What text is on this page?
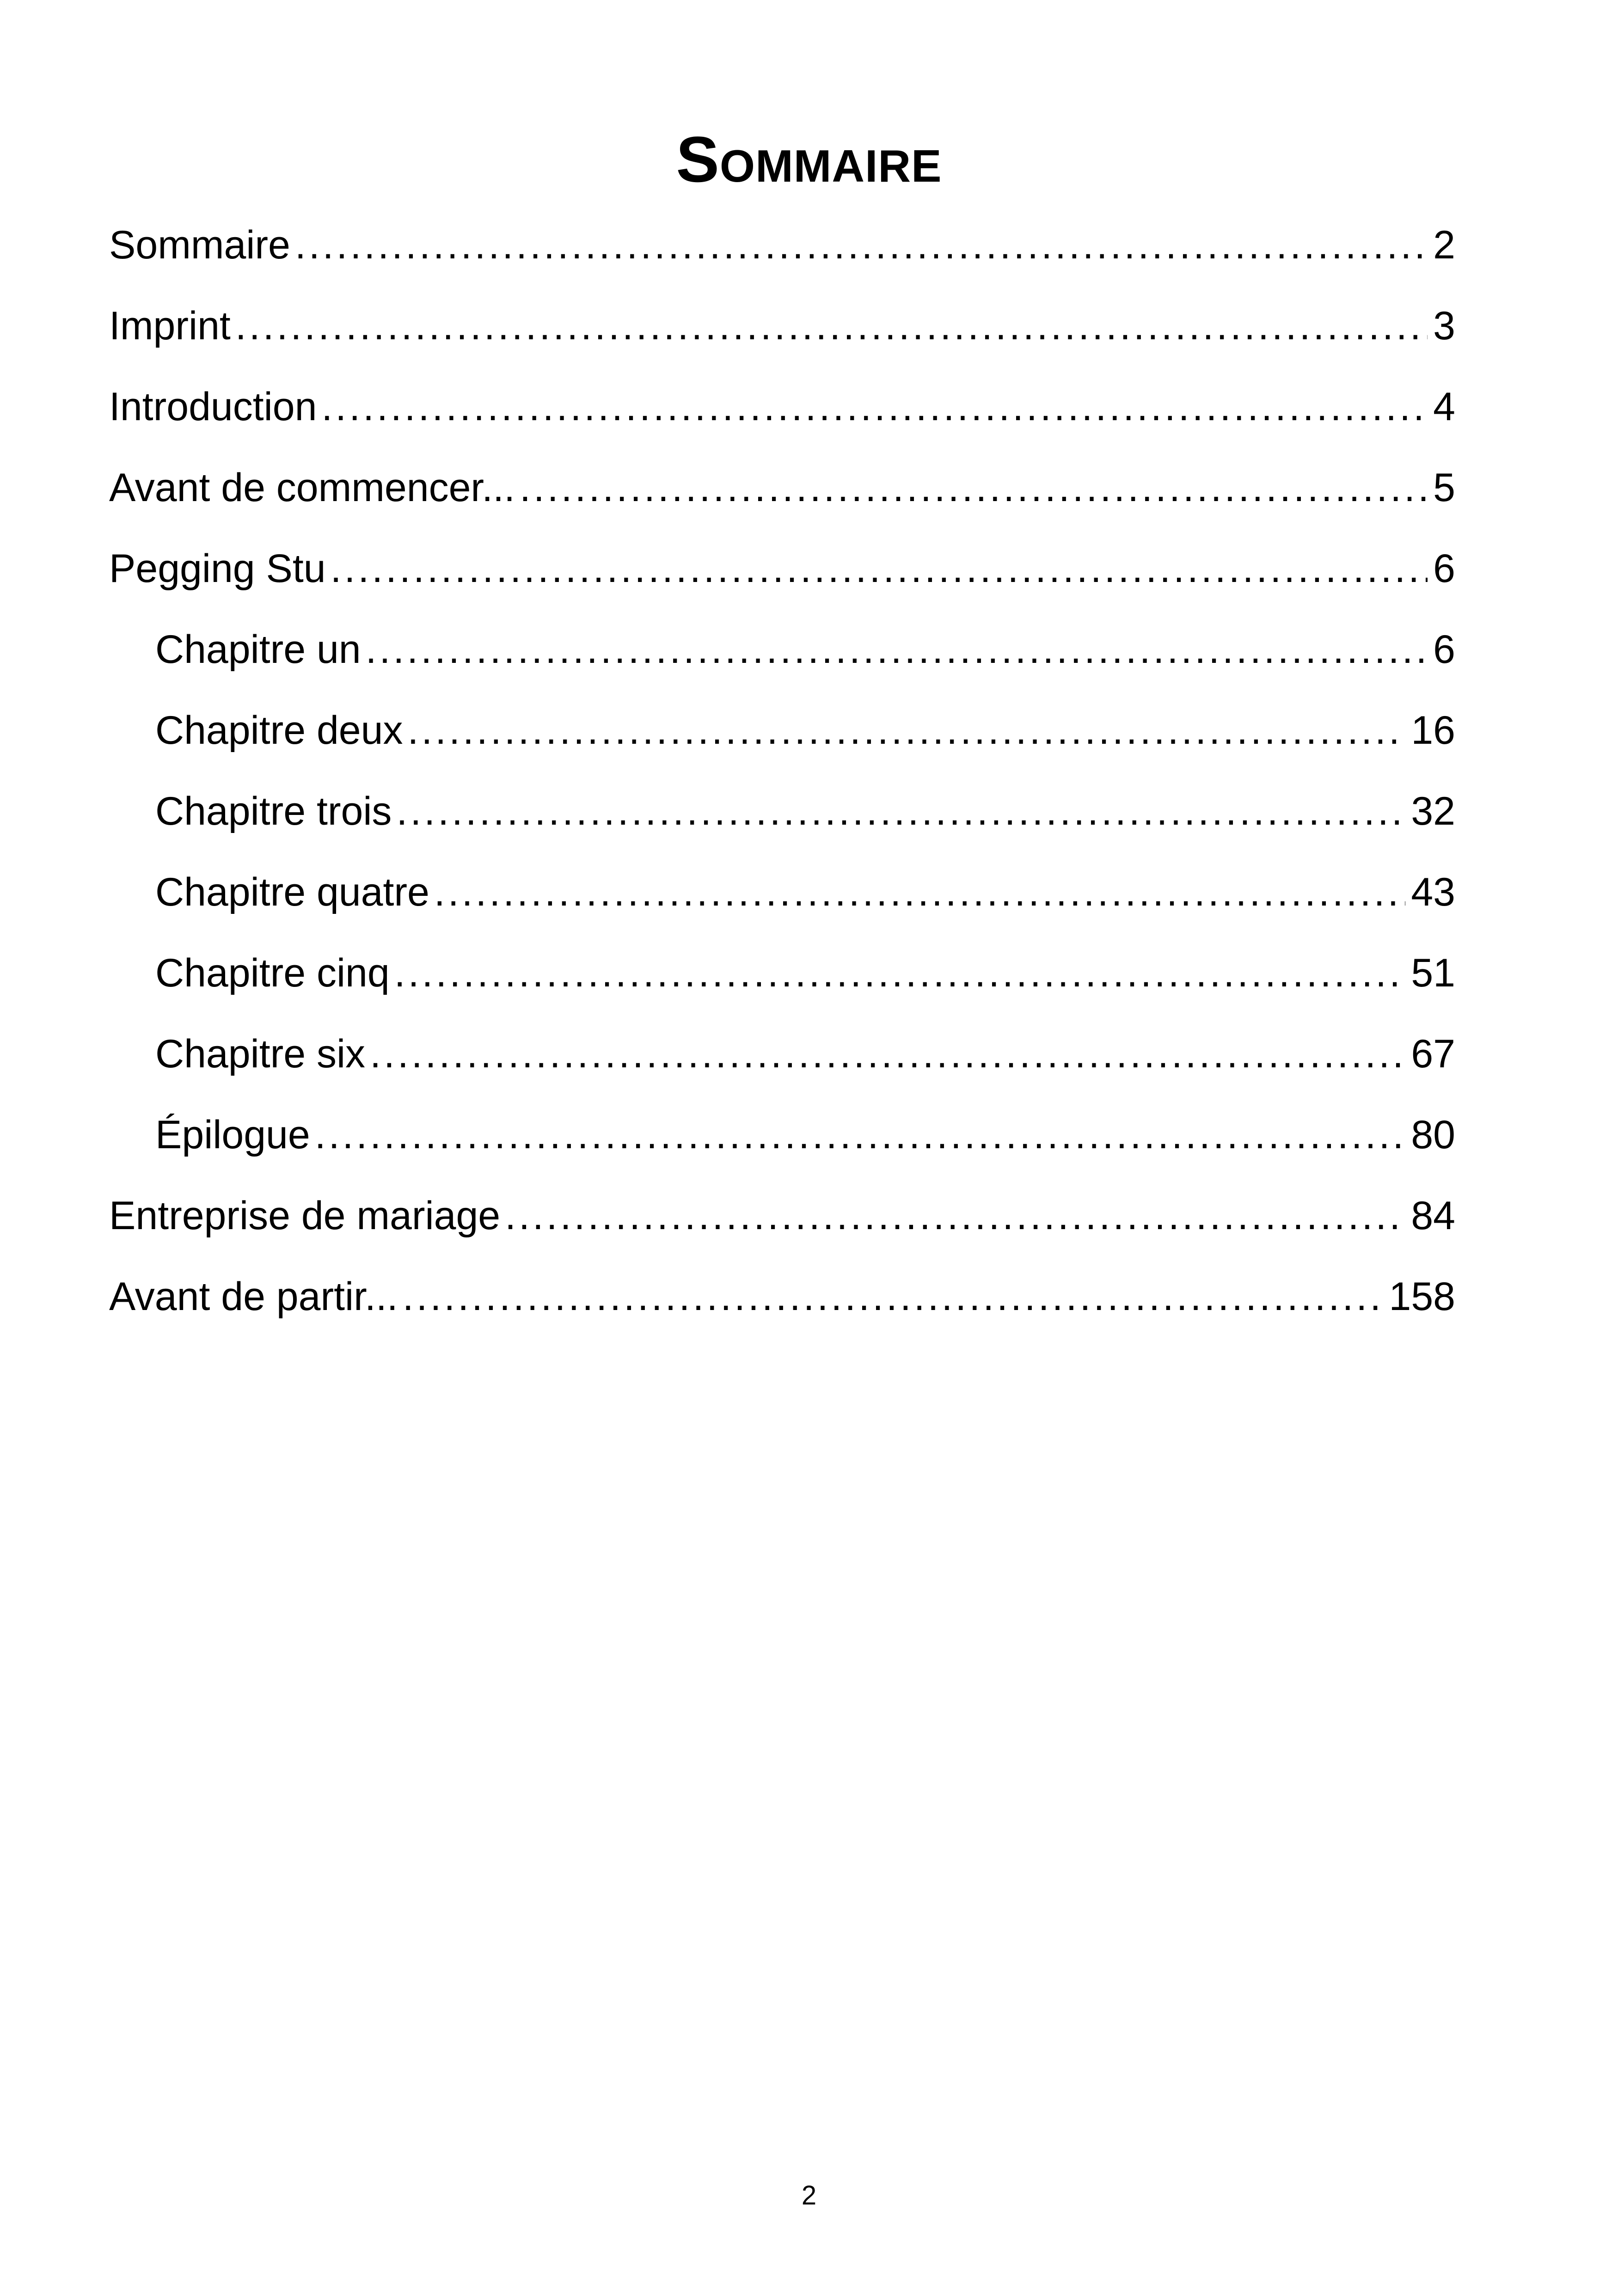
Sommaire
Sommaire .....	2
Imprint .....	3
Introduction .....	4
Avant de commencer... .....	5
Pegging Stu .....	6
Chapitre un .....	6
Chapitre deux .....	16
Chapitre trois .....	32
Chapitre quatre .....	43
Chapitre cinq .....	51
Chapitre six .....	67
Épilogue .....	80
Entreprise de mariage .....	84
Avant de partir... .....	158
2
